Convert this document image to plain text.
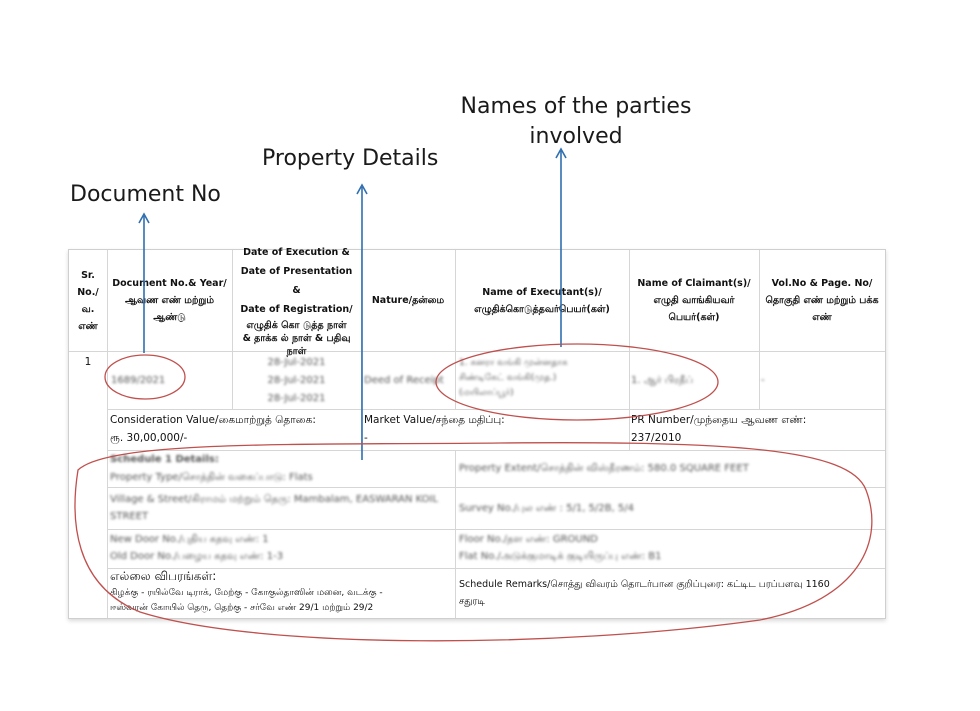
Names of the parties
involved
Property Details
Document No
Sr. No./வ. எண்
Document No.& Year/ ஆவண எண் மற்றும் ஆண்டு
Date of Execution &
Date of Presentation &
Date of Registration/
எழுதிக் கொ டுத்த நாள்
& தாக்க ல் நாள் & பதிவு
நாள்
Nature/தன்மை
Name of Executant(s)/ எழுதிக்கொடுத்தவர்பெயர்(கள்)
Name of Claimant(s)/ எழுதி வாங்கியவர் பெயர்(கள்)
Vol.No & Page. No/ தொகுதி எண் மற்றும் பக்க எண்
1
1689/2021
28-Jul-2021
28-Jul-2021
28-Jul-2021
Deed of Receipt
1. கனரா வங்கி முன்னதாக
சிண்டிகேட் வங்கி(முத.)
(மயிலாப்பூர்)
1. ஆர் பிரதீப்	-
Consideration Value/கைமாற்றுத் தொகை:
ரூ. 30,00,000/-
Market Value/சந்தை மதிப்பு:
-
PR Number/முந்தைய ஆவண எண்:
237/2010
Schedule 1 Details:
Property Type/சொத்தின் வகைப்பாடு: Flats
Property Extent/சொத்தின் விஸ்தீரணம்: 580.0 SQUARE FEET
Village & Street/கிராமம் மற்றும் தெரு: Mambalam, EASWARAN KOIL
STREET
Survey No./புல எண் : 5/1, 5/2B, 5/4
New Door No./புதிய கதவு எண்: 1
Old Door No./பழைய கதவு எண்: 1-3
Floor No./தள எண்: GROUND
Flat No./அடுக்குமாடிக் குடியிருப்பு எண்: B1
எல்லை விபரங்கள்:
கிழக்கு - ரயில்வே டிராக், மேற்கு - கோகுல்தாஸின் மனை, வடக்கு -
ஈஸ்வரன் கோயில் தெரு, தெற்கு - சர்வே எண் 29/1 மற்றும் 29/2
Schedule Remarks/சொத்து விவரம் தொடர்பான குறிப்புரை: கட்டிட பரப்பளவு 1160
சதுரடி
